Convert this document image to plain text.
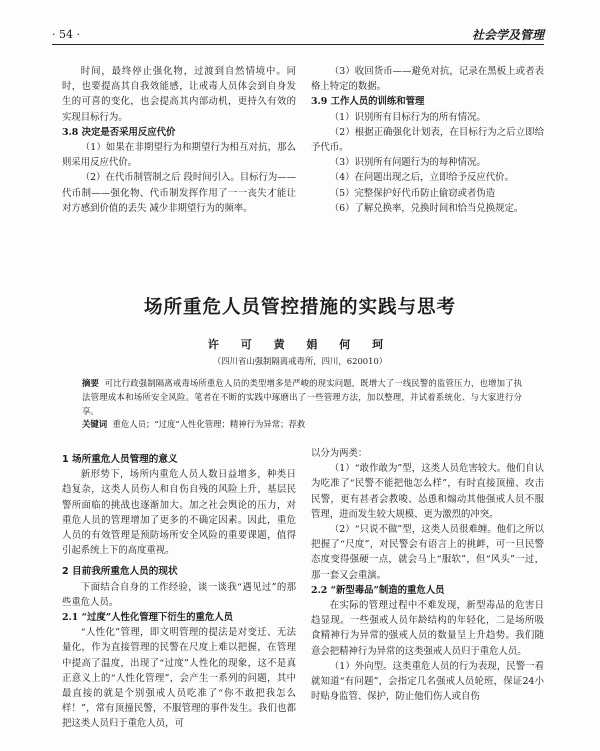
· 54 ·	社会学及管理

时间，最终停止强化物，过渡到自然情境中。同时，也要提高其自我效能感，让戒毒人员体会到自身发生的可喜的变化，也会提高其内部动机，更持久有效的实现目标行为。

3.8 决定是否采用反应代价

（1）如果在非期望行为和期望行为相互对抗，那么则采用反应代价。

（2）在代币制管制之后 段时间引入。目标行为——代币制——强化物、代币制发挥作用了一一丧失才能让对方感到价值的丢失 减少非期望行为的频率。

（3）收回货币——避免对抗，记录在黑板上或者表格上特定的数据。

3.9 工作人员的训练和管理

（1）识别所有目标行为的所有情况。

（2）根据正确强化计划表，在目标行为之后立即给予代币。

（3）识别所有问题行为的每种情况。

（4）在问题出现之后，立即给予反应代价。

（5）完整保护好代币防止偷窃或者伪造

（6）了解兑换率，兑换时间和恰当兑换规定。

场所重危人员管控措施的实践与思考
许 可 黄 娟 何 珂
（四川省山强制隔离戒毒所，四川，620010）

摘要 可比行政强制隔离戒毒场所重危人员的类型增多是严峻的现实问题，既增大了一线民警的监管压力，也增加了执法管理成本和场所安全风险。笔者在不断的实践中琢磨出了一些管理方法，加以整理，并试着系统化、与大家进行分享。

关键词 重危人员；“过度”人性化管理；精神行为异常；荐救

1 场所重危人员管理的意义

新形势下，场所内重危人员人数日益增多，种类日趋复杂，这类人员伤人和自伤自残的风险上升，基层民警所面临的挑战也逐渐加大。加之社会舆论的压力，对重危人员的管理增加了更多的不确定因素。因此，重危人员的有效管理是预防场所安全风险的重要课题，值得引起系统上下的高度重视。

2 目前我所重危人员的现状

下面结合自身的工作经验，谈一谈我“遇见过”的那些重危人员。

2.1 “过度”人性化管理下衍生的重危人员

“人性化”管理，即文明管理的提法是对变迁、无法量化，作为直接管理的民警在尺度上难以把握，在管理中提高了温度，出现了“过度”人性化的现象，这不是真正意义上的“人性化管理”，会产生一系列的问题，其中最直接的就是个别强戒人员吃准了“你不敢把我怎么样！”，常有顶撞民警，不服管理的事件发生。我们也都把这类人员归于重危人员，可

以分为两类：

（1）“敢作敢为”型，这类人员危害较大。他们自认为吃准了“民警不能把他怎么样”，有时直接顶撞、攻击民警，更有甚者会教唆、怂恿和煽动其他强戒人员不服管理，进而发生较大规模、更为激烈的冲突。

（2）“只说不做”型，这类人员很难缠。他们之所以把握了“尺度”，对民警会有语言上的挑衅，可一旦民警态度变得强硬一点，就会马上“服软”，但“风头”一过，那一套又会重演。

2.2 “新型毒品”制造的重危人员

在实际的管理过程中不难发现，新型毒品的危害日趋显现。一些强戒人员年龄结构的年轻化，二是场所吸食精神行为异常的强戒人员的数量呈上升趋势。我们随意会把精神行为异常的这类强戒人员归于重危人员。

（1）外向型。这类重危人员的行为表现，民警一看就知道“有问题”，会指定几名强戒人员轮班，保证24小时贴身监管、保护，防止他们伤人或自伤
